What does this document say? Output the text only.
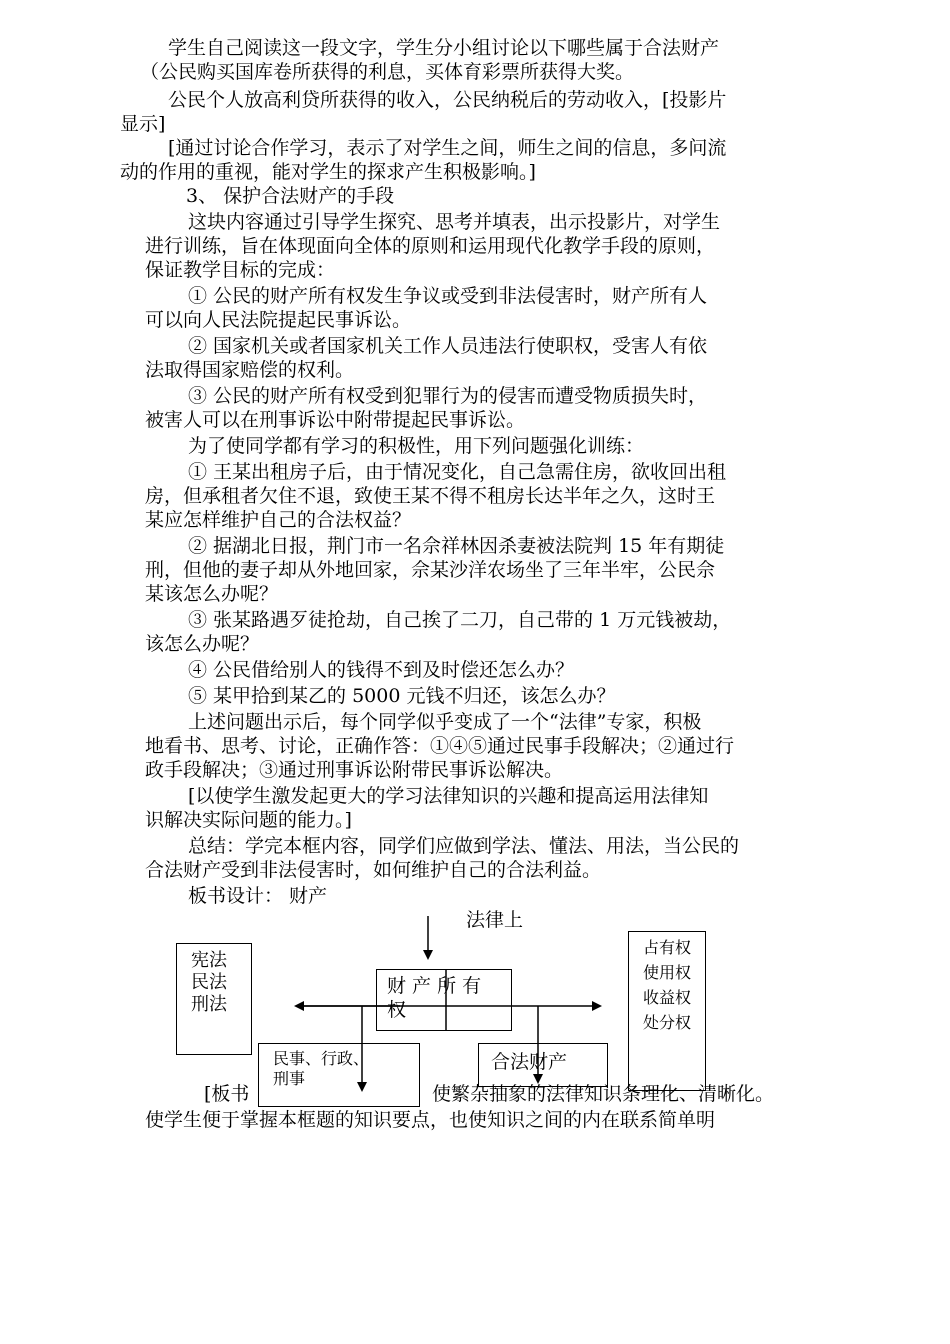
学生自己阅读这一段文字，学生分小组讨论以下哪些属于合法财产
（公民购买国库卷所获得的利息，买体育彩票所获得大奖。
公民个人放高利贷所获得的收入，公民纳税后的劳动收入，[投影片
显示]
[通过讨论合作学习，表示了对学生之间，师生之间的信息，多问流
动的作用的重视，能对学生的探求产生积极影响。]
3、 保护合法财产的手段
这块内容通过引导学生探究、思考并填表，出示投影片，对学生
进行训练，旨在体现面向全体的原则和运用现代化教学手段的原则，
保证教学目标的完成：
① 公民的财产所有权发生争议或受到非法侵害时，财产所有人
可以向人民法院提起民事诉讼。
② 国家机关或者国家机关工作人员违法行使职权，受害人有依
法取得国家赔偿的权利。
③ 公民的财产所有权受到犯罪行为的侵害而遭受物质损失时，
被害人可以在刑事诉讼中附带提起民事诉讼。
为了使同学都有学习的积极性，用下列问题强化训练：
① 王某出租房子后，由于情况变化，自己急需住房，欲收回出租
房，但承租者欠住不退，致使王某不得不租房长达半年之久，这时王
某应怎样维护自己的合法权益？
② 据湖北日报，荆门市一名佘祥林因杀妻被法院判 15 年有期徒
刑，但他的妻子却从外地回家，佘某沙洋农场坐了三年半牢，公民佘
某该怎么办呢？
③ 张某路遇歹徒抢劫，自己挨了二刀，自己带的 1 万元钱被劫，
该怎么办呢？
④ 公民借给别人的钱得不到及时偿还怎么办？
⑤ 某甲拾到某乙的 5000 元钱不归还，该怎么办？
上述问题出示后，每个同学似乎变成了一个“法律”专家，积极
地看书、思考、讨论，正确作答：①④⑤通过民事手段解决；②通过行
政手段解决；③通过刑事诉讼附带民事诉讼解决。
[以使学生激发起更大的学习法律知识的兴趣和提高运用法律知
识解决实际问题的能力。]
总结：学完本框内容，同学们应做到学法、懂法、用法，当公民的
合法财产受到非法侵害时，如何维护自己的合法利益。
板书设计： 财产
法律上
宪法
民法
刑法
占有权
使用权
收益权
处分权
财 产 所 有
权
民事、行政、
刑事
合法财产
[板书	使繁杂抽象的法律知识条理化、清晰化。
使学生便于掌握本框题的知识要点，也使知识之间的内在联系简单明
